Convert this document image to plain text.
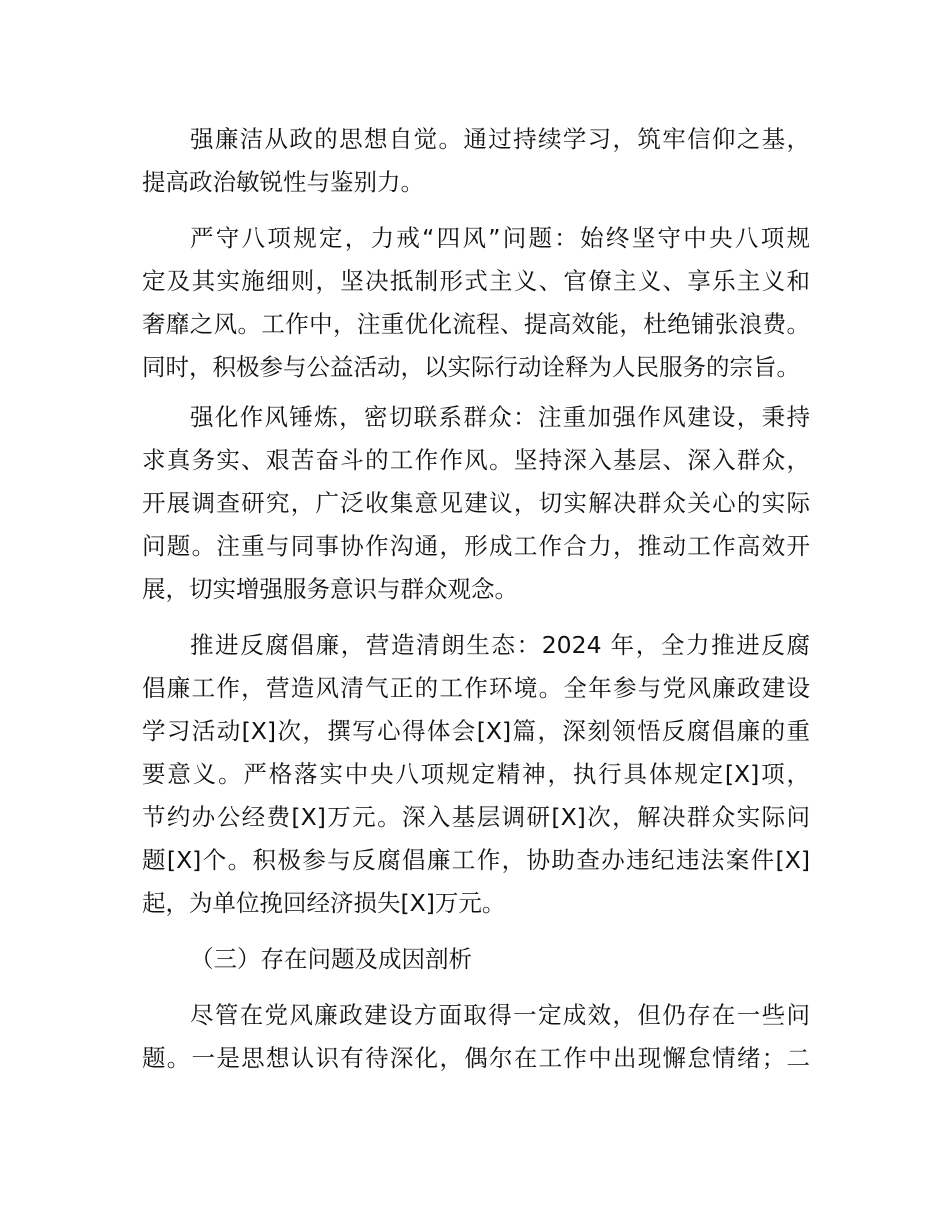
强廉洁从政的思想自觉。通过持续学习，筑牢信仰之基，
提高政治敏锐性与鉴别力。
严守八项规定，力戒“四风”问题：始终坚守中央八项规
定及其实施细则，坚决抵制形式主义、官僚主义、享乐主义和
奢靡之风。工作中，注重优化流程、提高效能，杜绝铺张浪费。
同时，积极参与公益活动，以实际行动诠释为人民服务的宗旨。
强化作风锤炼，密切联系群众：注重加强作风建设，秉持
求真务实、艰苦奋斗的工作作风。坚持深入基层、深入群众，
开展调查研究，广泛收集意见建议，切实解决群众关心的实际
问题。注重与同事协作沟通，形成工作合力，推动工作高效开
展，切实增强服务意识与群众观念。
推进反腐倡廉，营造清朗生态：2024 年，全力推进反腐
倡廉工作，营造风清气正的工作环境。全年参与党风廉政建设
学习活动[X]次，撰写心得体会[X]篇，深刻领悟反腐倡廉的重
要意义。严格落实中央八项规定精神，执行具体规定[X]项，
节约办公经费[X]万元。深入基层调研[X]次，解决群众实际问
题[X]个。积极参与反腐倡廉工作，协助查办违纪违法案件[X]
起，为单位挽回经济损失[X]万元。
（三）存在问题及成因剖析
尽管在党风廉政建设方面取得一定成效，但仍存在一些问
题。一是思想认识有待深化，偶尔在工作中出现懈怠情绪；二
